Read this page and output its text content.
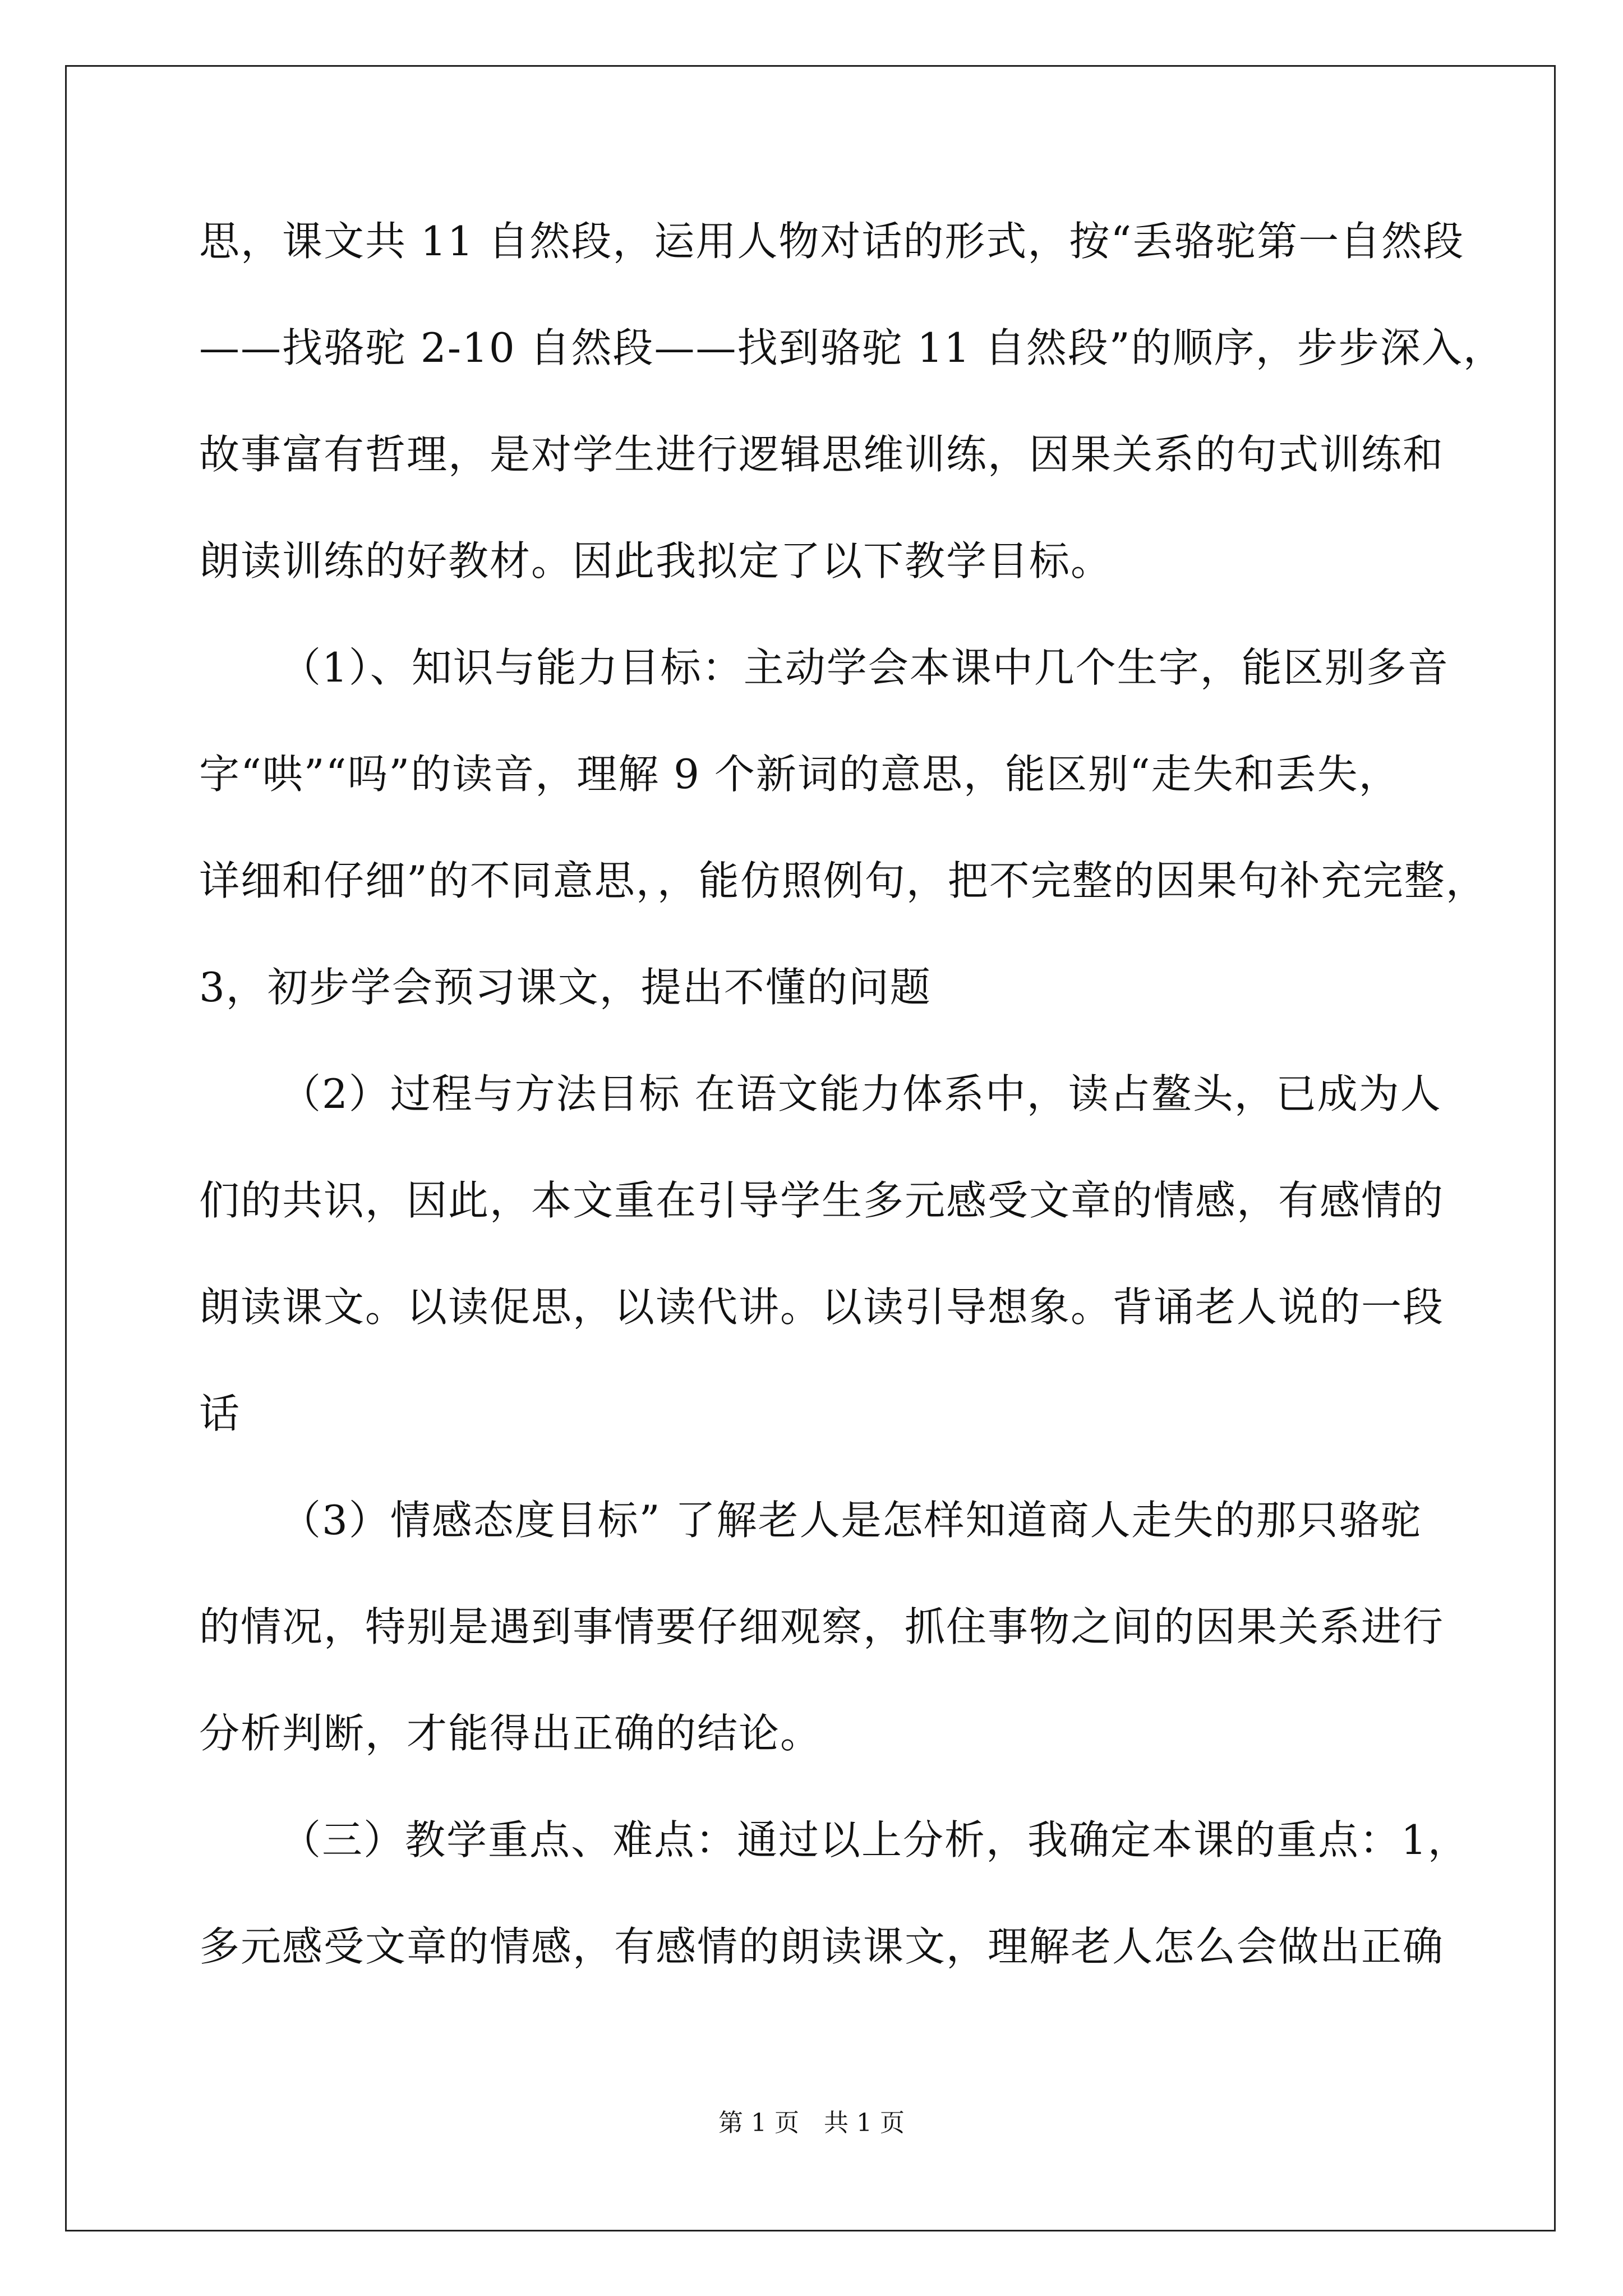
思，课文共 11 自然段，运用人物对话的形式，按“丢骆驼第一自然段
——找骆驼 2-10 自然段——找到骆驼 11 自然段”的顺序，步步深入，
故事富有哲理，是对学生进行逻辑思维训练，因果关系的句式训练和
朗读训练的好教材。因此我拟定了以下教学目标。
（1）、知识与能力目标：主动学会本课中几个生字，能区别多音
字“哄”“吗”的读音，理解 9 个新词的意思，能区别“走失和丢失，
详细和仔细”的不同意思，，能仿照例句，把不完整的因果句补充完整，
3，初步学会预习课文，提出不懂的问题
（2）过程与方法目标 在语文能力体系中，读占鳌头，已成为人
们的共识，因此，本文重在引导学生多元感受文章的情感，有感情的
朗读课文。以读促思，以读代讲。以读引导想象。背诵老人说的一段
话
（3）情感态度目标” 了解老人是怎样知道商人走失的那只骆驼
的情况，特别是遇到事情要仔细观察，抓住事物之间的因果关系进行
分析判断，才能得出正确的结论。
（三）教学重点、难点：通过以上分析，我确定本课的重点：1，
多元感受文章的情感，有感情的朗读课文，理解老人怎么会做出正确
第 1 页　共 1 页
